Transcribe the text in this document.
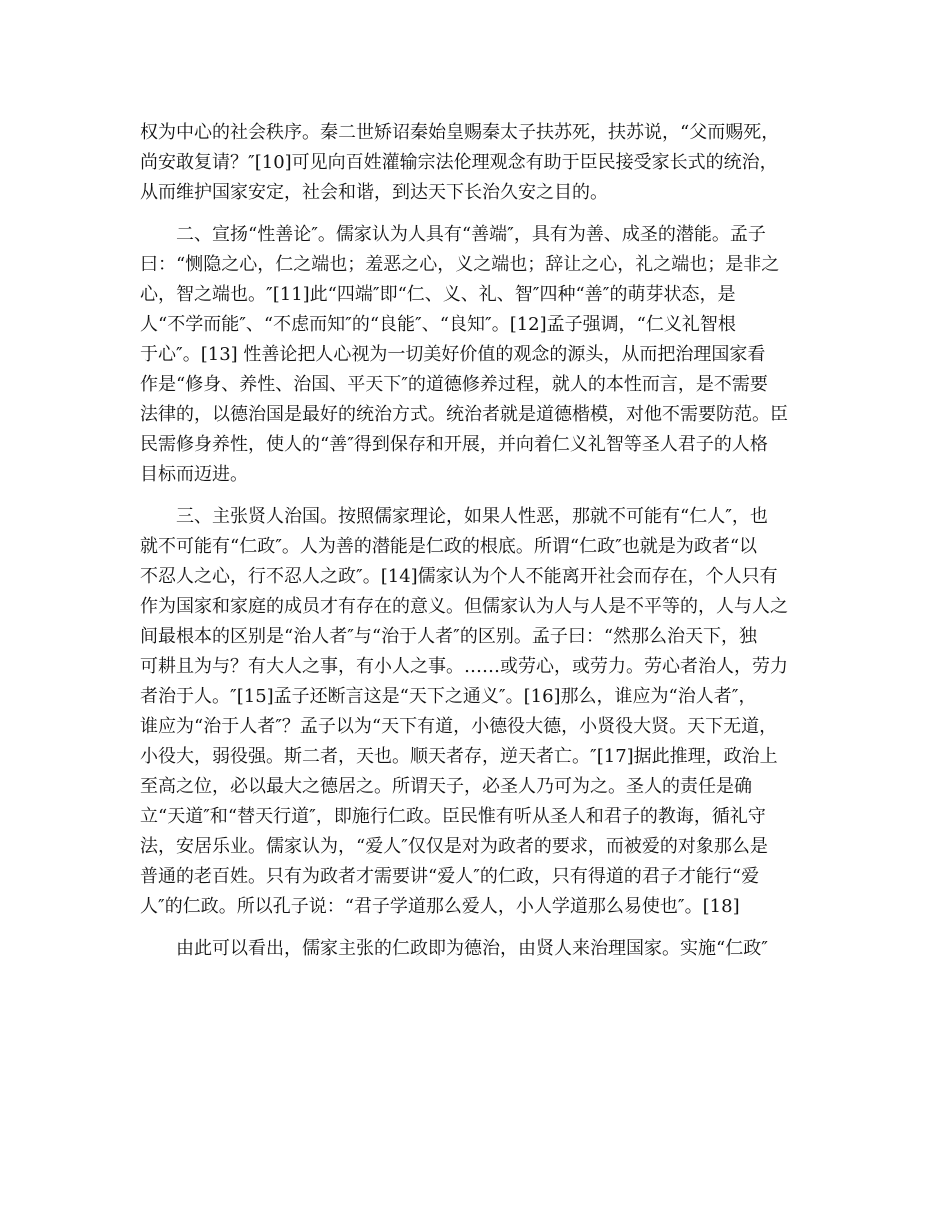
权为中心的社会秩序。秦二世矫诏秦始皇赐秦太子扶苏死，扶苏说，“父而赐死，
尚安敢复请？″[10]可见向百姓灌输宗法伦理观念有助于臣民接受家长式的统治，
从而维护国家安定，社会和谐，到达天下长治久安之目的。
二、宣扬“性善论″。儒家认为人具有“善端″，具有为善、成圣的潜能。孟子
曰：“恻隐之心，仁之端也；羞恶之心，义之端也；辞让之心，礼之端也；是非之
心，智之端也。″[11]此“四端″即“仁、义、礼、智″四种“善″的萌芽状态，是
人“不学而能″、“不虑而知″的“良能″、“良知″。[12]孟子强调，“仁义礼智根
于心″。[13] 性善论把人心视为一切美好价值的观念的源头，从而把治理国家看
作是“修身、养性、治国、平天下″的道德修养过程，就人的本性而言，是不需要
法律的，以德治国是最好的统治方式。统治者就是道德楷模，对他不需要防范。臣
民需修身养性，使人的“善″得到保存和开展，并向着仁义礼智等圣人君子的人格
目标而迈进。
三、主张贤人治国。按照儒家理论，如果人性恶，那就不可能有“仁人″，也
就不可能有“仁政″。人为善的潜能是仁政的根底。所谓“仁政″也就是为政者“以
不忍人之心，行不忍人之政″。[14]儒家认为个人不能离开社会而存在，个人只有
作为国家和家庭的成员才有存在的意义。但儒家认为人与人是不平等的，人与人之
间最根本的区别是“治人者″与“治于人者″的区别。孟子曰：“然那么治天下，独
可耕且为与？有大人之事，有小人之事。……或劳心，或劳力。劳心者治人，劳力
者治于人。″[15]孟子还断言这是“天下之通义″。[16]那么，谁应为“治人者″，
谁应为“治于人者″？孟子以为“天下有道，小德役大德，小贤役大贤。天下无道，
小役大，弱役强。斯二者，天也。顺天者存，逆天者亡。″[17]据此推理，政治上
至高之位，必以最大之德居之。所谓天子，必圣人乃可为之。圣人的责任是确
立“天道″和“替天行道″，即施行仁政。臣民惟有听从圣人和君子的教诲，循礼守
法，安居乐业。儒家认为，“爱人″仅仅是对为政者的要求，而被爱的对象那么是
普通的老百姓。只有为政者才需要讲“爱人″的仁政，只有得道的君子才能行“爱
人″的仁政。所以孔子说：“君子学道那么爱人，小人学道那么易使也″。[18]
由此可以看出，儒家主张的仁政即为德治，由贤人来治理国家。实施“仁政″
